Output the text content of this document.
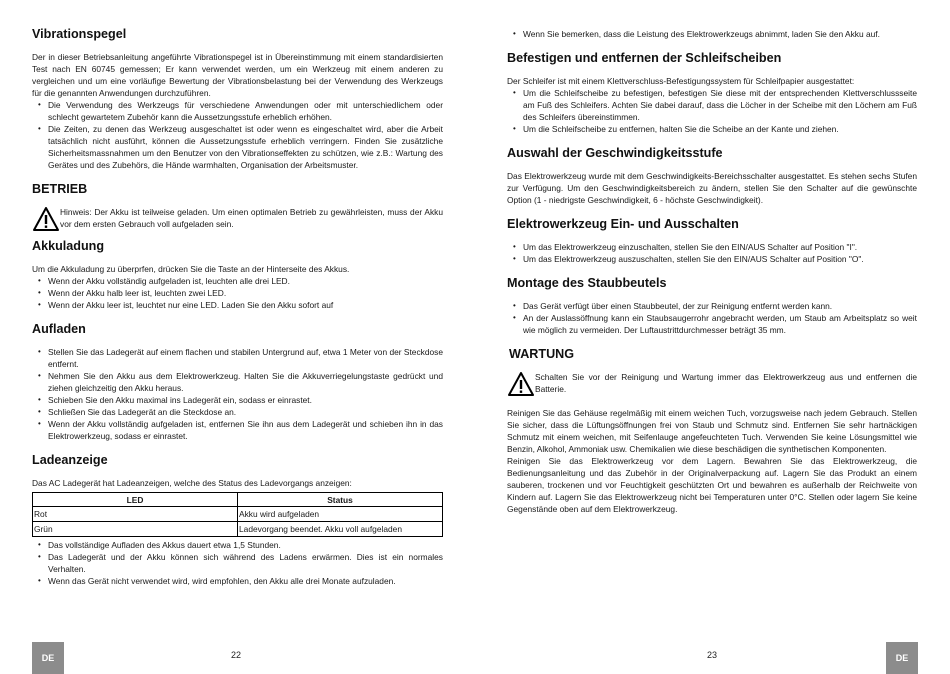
Vibrationspegel

Der in dieser Betriebsanleitung angeführte Vibrationspegel ist in Übereinstimmung mit einem standardisierten Test nach EN 60745 gemessen; Er kann verwendet werden, um ein Werkzeug mit einem anderen zu vergleichen und um eine vorläufige Bewertung der Vibrationsbelastung bei der Verwendung des Werkzeugs für die genannten Anwendungen durchzuführen.

• Die Verwendung des Werkzeugs für verschiedene Anwendungen oder mit unterschiedlichem oder schlecht gewartetem Zubehör kann die Aussetzungsstufe erheblich erhöhen.
• Die Zeiten, zu denen das Werkzeug ausgeschaltet ist oder wenn es eingeschaltet wird, aber die Arbeit tatsächlich nicht ausführt, können die Aussetzungsstufe erheblich verringern. Finden Sie zusätzliche Sicherheitsmassnahmen um den Benutzer von den Vibrationseffekten zu schützen, wie z.B.: Wartung des Gerätes und des Zubehörs, die Hände warmhalten, Organisation der Arbeitsmuster.
BETRIEB

Hinweis: Der Akku ist teilweise geladen. Um einen optimalen Betrieb zu gewährleisten, muss der Akku vor dem ersten Gebrauch voll aufgeladen sein.

Akkuladung

Um die Akkuladung zu überprfen, drücken Sie die Taste an der Hinterseite des Akkus.

• Wenn der Akku vollständig aufgeladen ist, leuchten alle drei LED.
• Wenn der Akku halb leer ist, leuchten zwei LED.
• Wenn der Akku leer ist, leuchtet nur eine LED. Laden Sie den Akku sofort auf
Aufladen
• Stellen Sie das Ladegerät auf einem flachen und stabilen Untergrund auf, etwa 1 Meter von der Steckdose entfernt.
• Nehmen Sie den Akku aus dem Elektrowerkzeug. Halten Sie die Akkuverriegelungstaste gedrückt und ziehen gleichzeitig den Akku heraus.
• Schieben Sie den Akku maximal ins Ladegerät ein, sodass er einrastet.
• Schließen Sie das Ladegerät an die Steckdose an.
• Wenn der Akku vollständig aufgeladen ist, entfernen Sie ihn aus dem Ladegerät und schieben ihn in das Elektrowerkzeug, sodass er einrastet.
Ladeanzeige

Das AC Ladegerät hat Ladeanzeigen, welche des Status des Ladevorgangs anzeigen:

LED	Status
Rot	Akku wird aufgeladen
Grün	Ladevorgang beendet. Akku voll aufgeladen
• Das vollständige Aufladen des Akkus dauert etwa 1,5 Stunden.
• Das Ladegerät und der Akku können sich während des Ladens erwärmen. Dies ist ein normales Verhalten.
• Wenn das Gerät nicht verwendet wird, wird empfohlen, den Akku alle drei Monate aufzuladen.
DE	22
• Wenn Sie bemerken, dass die Leistung des Elektrowerkzeugs abnimmt, laden Sie den Akku auf.
Befestigen und entfernen der Schleifscheiben

Der Schleifer ist mit einem Klettverschluss-Befestigungssystem für Schleifpapier ausgestattet:

• Um die Schleifscheibe zu befestigen, befestigen Sie diese mit der entsprechenden Klettverschlussseite am Fuß des Schleifers. Achten Sie dabei darauf, dass die Löcher in der Scheibe mit den Löchern am Fuß des Schleifers übereinstimmen.
• Um die Schleifscheibe zu entfernen, halten Sie die Scheibe an der Kante und ziehen.
Auswahl der Geschwindigkeitsstufe

Das Elektrowerkzeug wurde mit dem Geschwindigkeits-Bereichsschalter ausgestattet. Es stehen sechs Stufen zur Verfügung. Um den Geschwindigkeitsbereich zu ändern, stellen Sie den Schalter auf die gewünschte Option (1 - niedrigste Geschwindigkeit, 6 - höchste Geschwindigkeit).

Elektrowerkzeug Ein- und Ausschalten
• Um das Elektrowerkzeug einzuschalten, stellen Sie den EIN/AUS Schalter auf Position "I".
• Um das Elektrowerkzeug auszuschalten, stellen Sie den EIN/AUS Schalter auf Position "O".
Montage des Staubbeutels
• Das Gerät verfügt über einen Staubbeutel, der zur Reinigung entfernt werden kann.
• An der Auslassöffnung kann ein Staubsaugerrohr angebracht werden, um Staub am Arbeitsplatz so weit wie möglich zu vermeiden. Der Luftaustrittdurchmesser beträgt 35 mm.
WARTUNG

Schalten Sie vor der Reinigung und Wartung immer das Elektrowerkzeug aus und entfernen die Batterie.

Reinigen Sie das Gehäuse regelmäßig mit einem weichen Tuch, vorzugsweise nach jedem Gebrauch. Stellen Sie sicher, dass die Lüftungsöffnungen frei von Staub und Schmutz sind. Entfernen Sie sehr hartnäckigen Schmutz mit einem weichen, mit Seifenlauge angefeuchteten Tuch. Verwenden Sie keine Lösungsmittel wie Benzin, Alkohol, Ammoniak usw. Chemikalien wie diese beschädigen die synthetischen Komponenten.

Reinigen Sie das Elektrowerkzeug vor dem Lagern. Bewahren Sie das Elektrowerkzeug, die Bedienungsanleitung und das Zubehör in der Originalverpackung auf. Lagern Sie das Produkt an einem sauberen, trockenen und vor Feuchtigkeit geschützten Ort und bewahren es außerhalb der Reichweite von Kindern auf. Lagern Sie das Elektrowerkzeug nicht bei Temperaturen unter 0°C. Stellen oder lagern Sie keine Gegenstände oben auf dem Elektrowerkzeug.

23	DE
